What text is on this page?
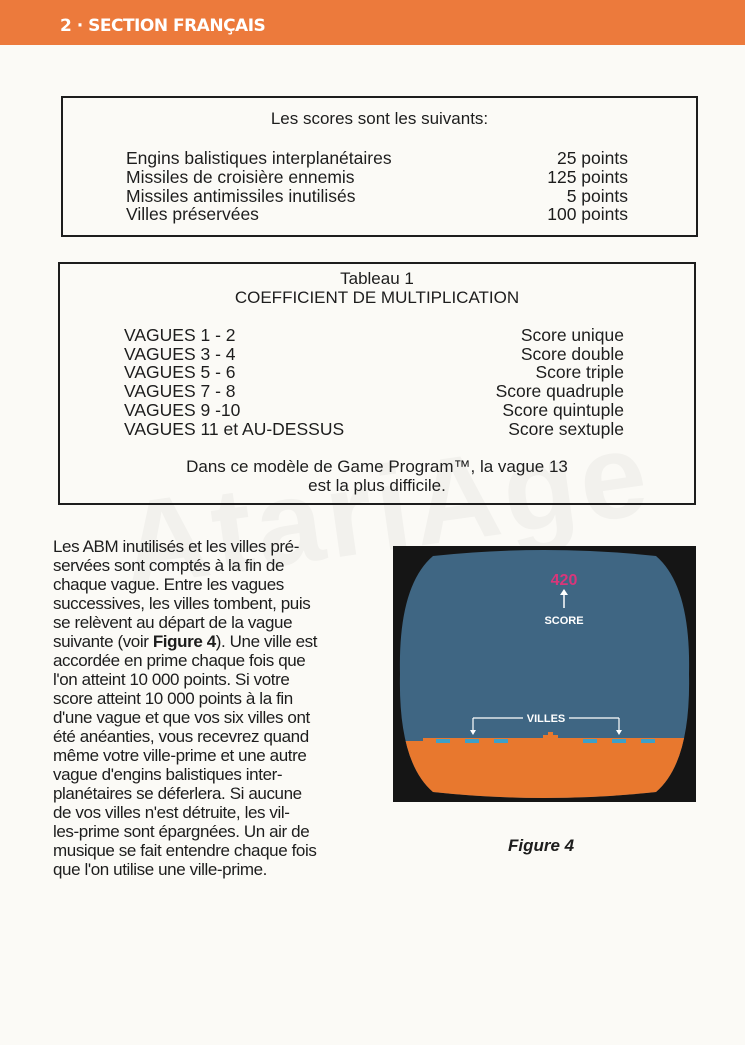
2 · SECTION FRANÇAIS
Les scores sont les suivants:
Engins balistiques interplanétaires	25 points
Missiles de croisière ennemis	125 points
Missiles antimissiles inutilisés	5 points
Villes préservées	100 points
Tableau 1
COEFFICIENT DE MULTIPLICATION
VAGUES 1 - 2	Score unique
VAGUES 3 - 4	Score double
VAGUES 5 - 6	Score triple
VAGUES 7 - 8	Score quadruple
VAGUES 9 -10	Score quintuple
VAGUES 11 et AU-DESSUS	Score sextuple
Dans ce modèle de Game Program™, la vague 13
est la plus difficile.
Les ABM inutilisés et les villes pré-
servées sont comptés à la fin de
chaque vague. Entre les vagues
successives, les villes tombent, puis
se relèvent au départ de la vague
suivante (voir Figure 4). Une ville est
accordée en prime chaque fois que
l'on atteint 10 000 points. Si votre
score atteint 10 000 points à la fin
d'une vague et que vos six villes ont
été anéanties, vous recevrez quand
même votre ville-prime et une autre
vague d'engins balistiques inter-
planétaires se déferlera. Si aucune
de vos villes n'est détruite, les vil-
les-prime sont épargnées. Un air de
musique se fait entendre chaque fois
que l'on utilise une ville-prime.
420
SCORE
VILLES
Figure 4
